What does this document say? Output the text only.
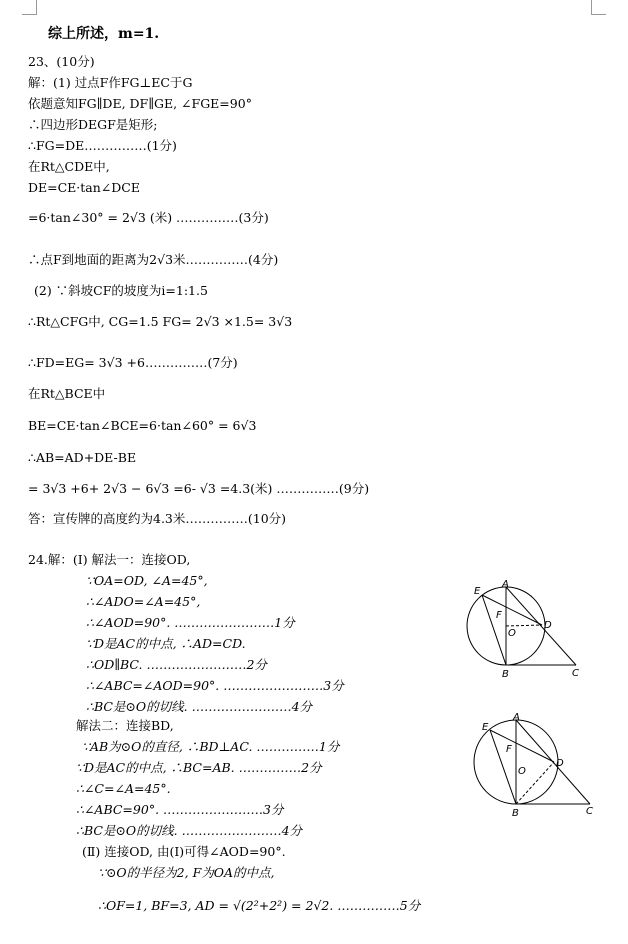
综上所述，m=1.
23、(10分)
解：(1) 过点F作FG⊥EC于G
依题意知FG∥DE, DF∥GE, ∠FGE=90°
∴四边形DEGF是矩形;
∴FG=DE……………(1分)
在Rt△CDE中,
DE=CE·tan∠DCE
=6·tan∠30° = 2√3 (米) ……………(3分)
∴点F到地面的距离为2√3米……………(4分)
(2) ∵斜坡CF的坡度为i=1:1.5
∴Rt△CFG中, CG=1.5 FG= 2√3 ×1.5= 3√3
∴FD=EG= 3√3 +6……………(7分)
在Rt△BCE中
BE=CE·tan∠BCE=6·tan∠60° = 6√3
∴AB=AD+DE-BE
= 3√3 +6+ 2√3 − 6√3 =6- √3 =4.3(米) ……………(9分)
答：宣传牌的高度约为4.3米……………(10分)
24.解：(Ⅰ) 解法一：连接OD,
∵OA=OD, ∠A=45°,
∴∠ADO=∠A=45°,
∴∠AOD=90°. ……………………1分
∵D是AC的中点, ∴AD=CD.
∴OD∥BC. ……………………2分
∴∠ABC=∠AOD=90°. ……………………3分
∴BC是⊙O的切线. ……………………4分
解法二：连接BD,
∵AB为⊙O的直径, ∴BD⊥AC. ……………1分
∵D是AC的中点, ∴BC=AB. ……………2分
∴∠C=∠A=45°.
∴∠ABC=90°. ……………………3分
∴BC是⊙O的切线. ……………………4分
(Ⅱ) 连接OD, 由(Ⅰ)可得∠AOD=90°.
∵⊙O的半径为2, F为OA的中点,
∴OF=1, BF=3, AD = √(2²+2²) = 2√2. ……………5分
E
A
F
O
D
B	C
E
A
F
O
D
B	C
